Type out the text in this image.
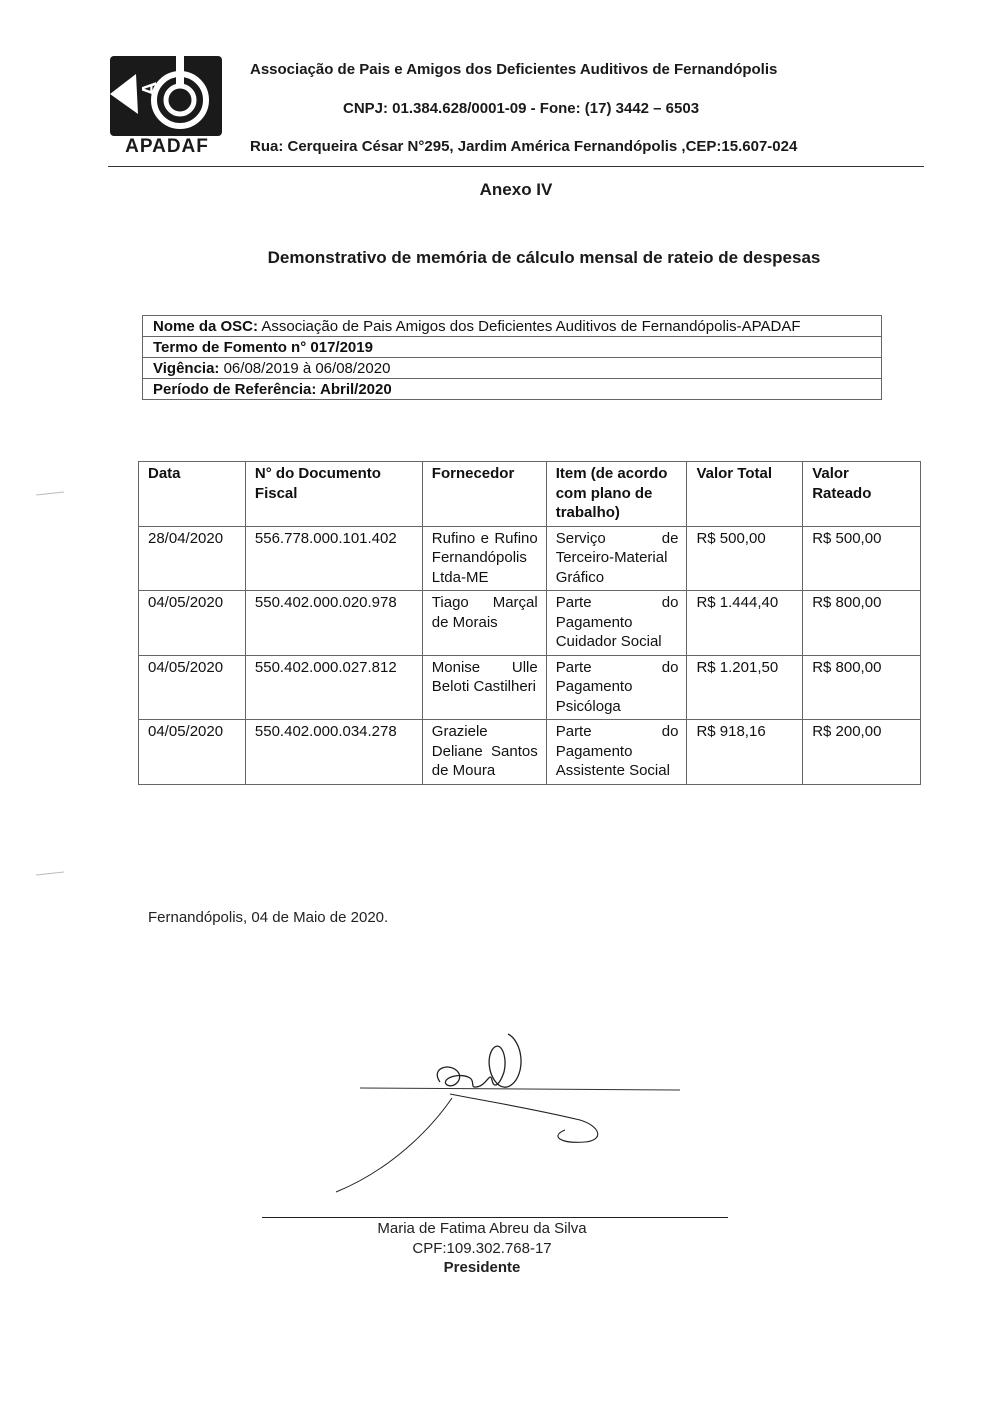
A
APADAF
Associação de Pais e Amigos dos Deficientes Auditivos de Fernandópolis
CNPJ: 01.384.628/0001-09 - Fone: (17) 3442 – 6503
Rua: Cerqueira César N°295, Jardim América Fernandópolis ,CEP:15.607-024
Anexo IV
Demonstrativo de memória de cálculo mensal de rateio de despesas
Nome da OSC: Associação de Pais Amigos dos Deficientes Auditivos de Fernandópolis-APADAF
Termo de Fomento n° 017/2019
Vigência: 06/08/2019 à 06/08/2020
Período de Referência: Abril/2020
Data	N° do Documento Fiscal	Fornecedor	Item (de acordo com plano de trabalho)	Valor Total	Valor Rateado
28/04/2020	556.778.000.101.402	Rufino e Rufino Fernandópolis Ltda-ME	Serviço de Terceiro-Material Gráfico	R$ 500,00	R$ 500,00
04/05/2020	550.402.000.020.978	Tiago Marçal de Morais	Parte do Pagamento Cuidador Social	R$ 1.444,40	R$ 800,00
04/05/2020	550.402.000.027.812	Monise Ulle Beloti Castilheri	Parte do Pagamento Psicóloga	R$ 1.201,50	R$ 800,00
04/05/2020	550.402.000.034.278	Graziele Deliane Santos de Moura	Parte do Pagamento Assistente Social	R$ 918,16	R$ 200,00
Fernandópolis, 04 de Maio de 2020.
Maria de Fatima Abreu da Silva
CPF:109.302.768-17
Presidente
